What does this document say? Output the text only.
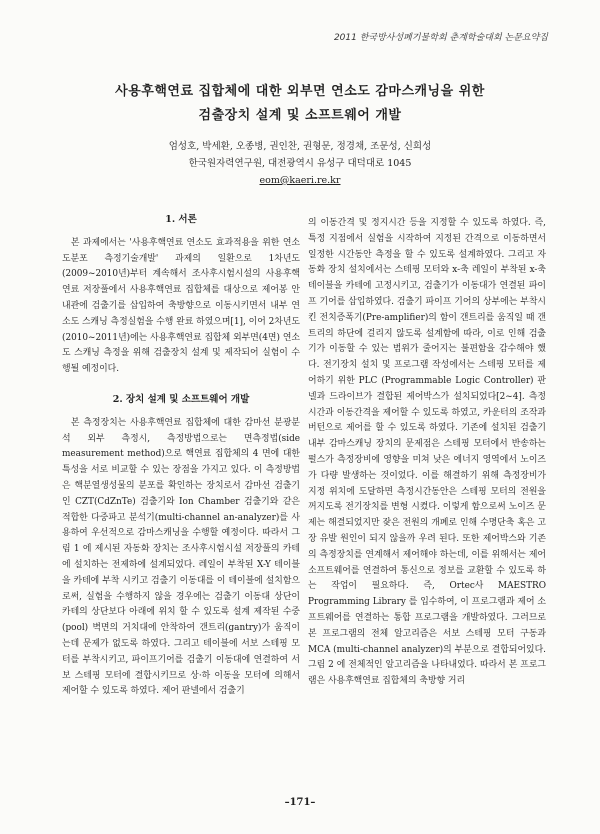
2011 한국방사성폐기물학회 춘계학술대회 논문요약집
사용후핵연료 집합체에 대한 외부면 연소도 감마스캐닝을 위한
검출장치 설계 및 소프트웨어 개발
엄성호, 박세환, 오종병, 권인찬, 권형문, 정경채, 조문성, 신희성
한국원자력연구원, 대전광역시 유성구 대덕대로 1045
eom@kaeri.re.kr
1. 서론

본 과제에서는 '사용후핵연료 연소도 효과적용을 위한 연소도분포 측정기술개발' 과제의 일환으로 1차년도(2009~2010년)부터 계속해서 조사후시험시설의 사용후핵연료 저장풀에서 사용후핵연료 집합체를 대상으로 제어봉 안내관에 검출기를 삽입하여 축방향으로 이동시키면서 내부 연소도 스캐닝 측정실험을 수행 완료 하였으며[1], 이어 2차년도(2010~2011년)에는 사용후핵연료 집합체 외부면(4면) 연소도 스캐닝 측정을 위해 검출장치 설계 및 제작되어 실험이 수행될 예정이다.

2. 장치 설계 및 소프트웨어 개발

본 측정장치는 사용후핵연료 집합체에 대한 감마선 분광분석 외부 측정시, 측정방법으로는 면측정법(side measurement method)으로 핵연료 집합체의 4 면에 대한 특성을 서로 비교할 수 있는 장점을 가지고 있다. 이 측정방법은 핵분열생성물의 분포를 확인하는 장치로서 감마선 검출기인 CZT(CdZnTe) 검출기와 Ion Chamber 검출기와 같은 적합한 다중파고 분석기(multi-channel an-analyzer)를 사용하여 우선적으로 감마스캐닝을 수행할 예정이다. 따라서 그림 1 에 제시된 자동화 장치는 조사후시험시설 저장풀의 카테에 설치하는 전제하에 설계되었다. 레일이 부착된 X-Y 테이블을 카테에 부착 시키고 검출기 이동대를 이 테이블에 설치함으로써, 실험을 수행하지 않을 경우에는 검출기 이동대 상단이 카테의 상단보다 아래에 위치 할 수 있도록 설계 제작된 수중(pool) 벽면의 거치대에 안착하여 갠트리(gantry)가 움직이는데 문제가 없도록 하였다. 그리고 테이블에 서보 스테핑 모터를 부착시키고, 파이프기어를 검출기 이동대에 연결하여 서보 스테핑 모터에 결합시키므로 상·하 이동을 모터에 의해서 제어할 수 있도록 하였다. 제어 판넬에서 검출기

의 이동간격 및 정지시간 등을 지정할 수 있도록 하였다. 즉, 특정 지점에서 실험을 시작하여 지정된 간격으로 이동하면서 일정한 시간동안 측정을 할 수 있도록 설계하였다. 그리고 자동화 장치 설치에서는 스테핑 모터와 x-축 레일이 부착된 x-축 테이블을 카테에 고정시키고, 검출기가 이동대가 연결된 파이프 기어를 삽입하였다. 검출기 파이프 기어의 상부에는 부착시킨 전치증폭기(Pre-amplifier)의 함이 갠트리를 움직일 때 갠트리의 하단에 걸리지 않도록 설계함에 따라, 이로 인해 검출기가 이동할 수 있는 범위가 줄어지는 불편함을 감수해야 했다. 전기장치 설치 및 프로그램 작성에서는 스테핑 모터를 제어하기 위한 PLC (Programmable Logic Controller) 판넬과 드라이브가 결합된 제어박스가 설치되었다[2~4]. 측정시간과 이동간격을 제어할 수 있도록 하였고, 카운터의 조작과 버턴으로 제어를 할 수 있도록 하였다. 기존에 설치된 검출기 내부 감마스캐닝 장치의 문제점은 스테핑 모터에서 반송하는 펄스가 측정장비에 영향을 미쳐 낮은 에너지 영역에서 노이즈가 다량 발생하는 것이었다. 이를 해결하기 위해 측정장비가 지정 위치에 도달하면 측정시간동안은 스테핑 모터의 전원을 꺼지도록 전기장치를 변형 시켰다. 이렇게 함으로써 노이즈 문제는 해결되었지만 잦은 전원의 개폐로 인해 수명단축 혹은 고장 유발 원인이 되지 않을까 우려 된다. 또한 제어박스와 기존의 측정장치를 연계해서 제어해야 하는데, 이를 위해서는 제어 소프트웨어를 연결하여 통신으로 정보를 교환할 수 있도록 하는 작업이 필요하다. 즉, Ortec사 MAESTRO Programming Library 를 입수하여, 이 프로그램과 제어 소프트웨어를 연결하는 통합 프로그램을 개발하였다. 그러므로 본 프로그램의 전체 알고리즘은 서보 스테핑 모터 구동과 MCA (multi-channel analyzer)의 부분으로 결합되어있다. 그림 2 에 전체적인 알고리즘을 나타내었다. 따라서 본 프로그램은 사용후핵연료 집합체의 축방향 거리

–171–
